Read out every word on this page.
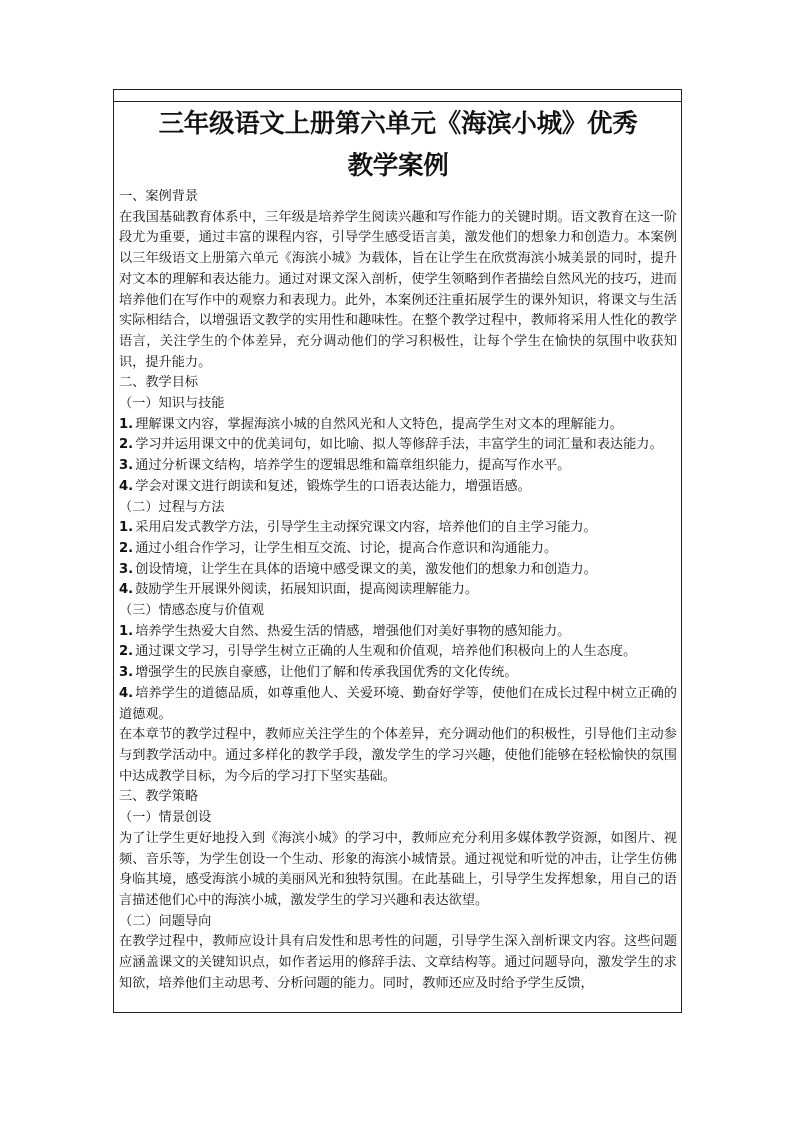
三年级语文上册第六单元《海滨小城》优秀
教学案例

一、案例背景

在我国基础教育体系中，三年级是培养学生阅读兴趣和写作能力的关键时期。语文教育在这一阶段尤为重要，通过丰富的课程内容，引导学生感受语言美，激发他们的想象力和创造力。本案例以三年级语文上册第六单元《海滨小城》为载体，旨在让学生在欣赏海滨小城美景的同时，提升对文本的理解和表达能力。通过对课文深入剖析，使学生领略到作者描绘自然风光的技巧，进而培养他们在写作中的观察力和表现力。此外，本案例还注重拓展学生的课外知识，将课文与生活实际相结合，以增强语文教学的实用性和趣味性。在整个教学过程中，教师将采用人性化的教学语言，关注学生的个体差异，充分调动他们的学习积极性，让每个学生在愉快的氛围中收获知识，提升能力。

二、教学目标

（一）知识与技能

1. 理解课文内容，掌握海滨小城的自然风光和人文特色，提高学生对文本的理解能力。

2. 学习并运用课文中的优美词句，如比喻、拟人等修辞手法，丰富学生的词汇量和表达能力。

3. 通过分析课文结构，培养学生的逻辑思维和篇章组织能力，提高写作水平。

4. 学会对课文进行朗读和复述，锻炼学生的口语表达能力，增强语感。

（二）过程与方法

1. 采用启发式教学方法，引导学生主动探究课文内容，培养他们的自主学习能力。

2. 通过小组合作学习，让学生相互交流、讨论，提高合作意识和沟通能力。

3. 创设情境，让学生在具体的语境中感受课文的美，激发他们的想象力和创造力。

4. 鼓励学生开展课外阅读，拓展知识面，提高阅读理解能力。

（三）情感态度与价值观

1. 培养学生热爱大自然、热爱生活的情感，增强他们对美好事物的感知能力。

2. 通过课文学习，引导学生树立正确的人生观和价值观，培养他们积极向上的人生态度。

3. 增强学生的民族自豪感，让他们了解和传承我国优秀的文化传统。

4. 培养学生的道德品质，如尊重他人、关爱环境、勤奋好学等，使他们在成长过程中树立正确的道德观。

在本章节的教学过程中，教师应关注学生的个体差异，充分调动他们的积极性，引导他们主动参与到教学活动中。通过多样化的教学手段，激发学生的学习兴趣，使他们能够在轻松愉快的氛围中达成教学目标，为今后的学习打下坚实基础。

三、教学策略

（一）情景创设

为了让学生更好地投入到《海滨小城》的学习中，教师应充分利用多媒体教学资源，如图片、视频、音乐等，为学生创设一个生动、形象的海滨小城情景。通过视觉和听觉的冲击，让学生仿佛身临其境，感受海滨小城的美丽风光和独特氛围。在此基础上，引导学生发挥想象，用自己的语言描述他们心中的海滨小城，激发学生的学习兴趣和表达欲望。

（二）问题导向

在教学过程中，教师应设计具有启发性和思考性的问题，引导学生深入剖析课文内容。这些问题应涵盖课文的关键知识点，如作者运用的修辞手法、文章结构等。通过问题导向，激发学生的求知欲，培养他们主动思考、分析问题的能力。同时，教师还应及时给予学生反馈，
